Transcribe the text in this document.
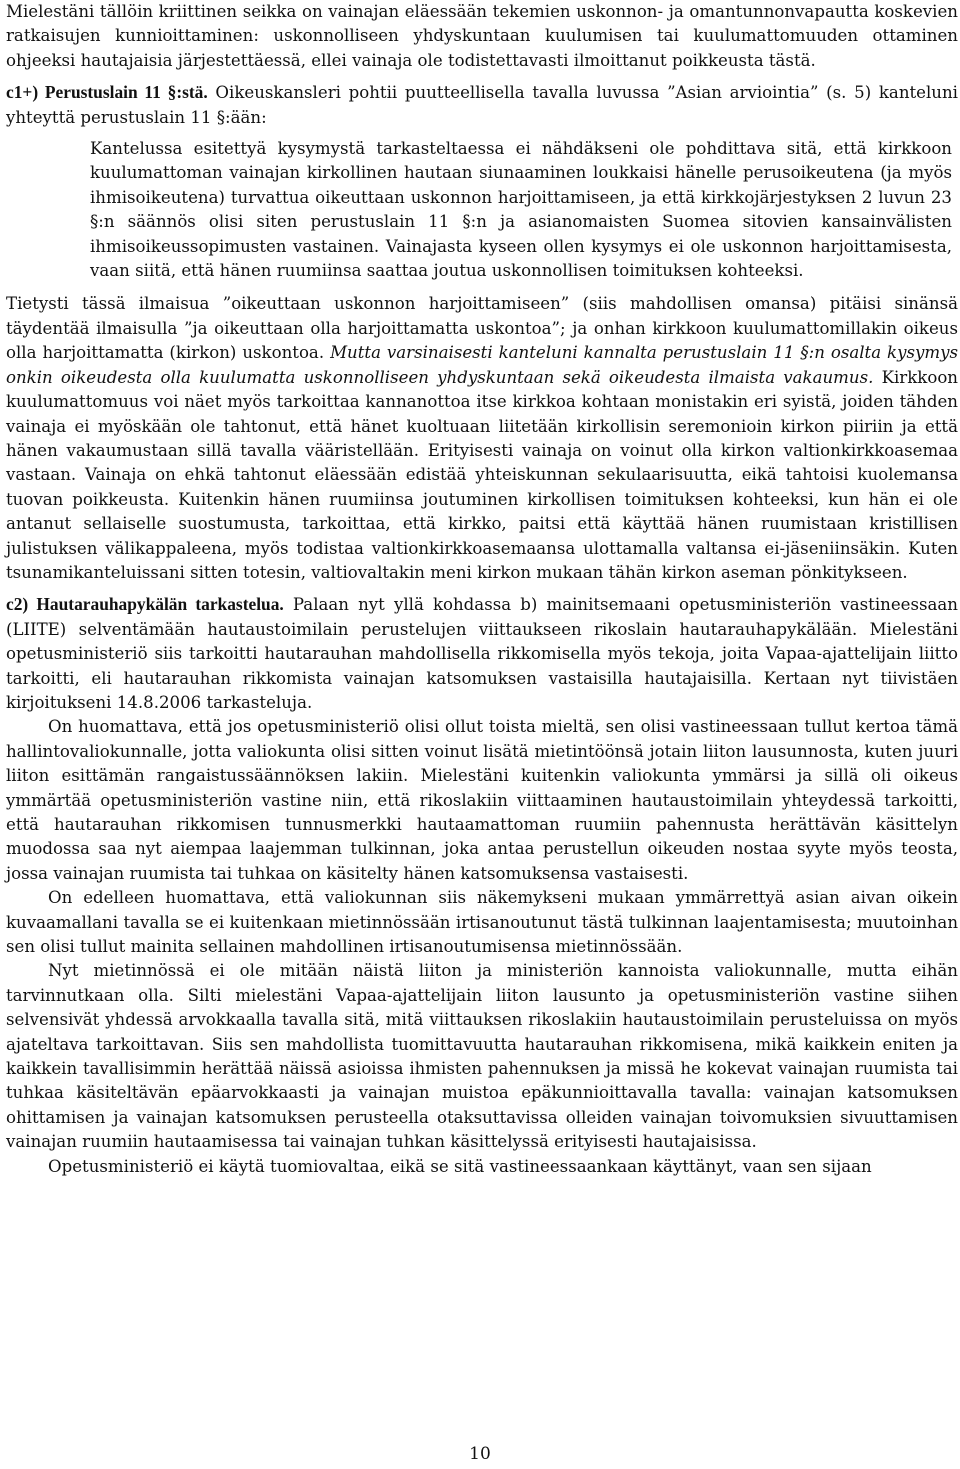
Mielestäni tällöin kriittinen seikka on vainajan eläessään tekemien uskonnon- ja omantunnonvapautta koskevien ratkaisujen kunnioittaminen: uskonnolliseen yhdyskuntaan kuulumisen tai kuulumattomuuden ottaminen ohjeeksi hautajaisia järjestettäessä, ellei vainaja ole todistettavasti ilmoittanut poikkeusta tästä.

c1+) Perustuslain 11 §:stä. Oikeuskansleri pohtii puutteellisella tavalla luvussa ”Asian arviointia” (s. 5) kanteluni yhteyttä perustuslain 11 §:ään:

Kantelussa esitettyä kysymystä tarkasteltaessa ei nähdäkseni ole pohdittava sitä, että kirkkoon kuulumattoman vainajan kirkollinen hautaan siunaaminen loukkaisi hänelle perusoikeutena (ja myös ihmisoikeutena) turvattua oikeuttaan uskonnon harjoittamiseen, ja että kirkkojärjestyksen 2 luvun 23 §:n säännös olisi siten perustuslain 11 §:n ja asianomaisten Suomea sitovien kansainvälisten ihmisoikeussopimusten vastainen. Vainajasta kyseen ollen kysymys ei ole uskonnon harjoittamisesta, vaan siitä, että hänen ruumiinsa saattaa joutua uskonnollisen toimituksen kohteeksi.

Tietysti tässä ilmaisua ”oikeuttaan uskonnon harjoittamiseen” (siis mahdollisen omansa) pitäisi sinänsä täydentää ilmaisulla ”ja oikeuttaan olla harjoittamatta uskontoa”; ja onhan kirkkoon kuulumattomillakin oikeus olla harjoittamatta (kirkon) uskontoa. Mutta varsinaisesti kanteluni kannalta perustuslain 11 §:n osalta kysymys onkin oikeudesta olla kuulumatta uskonnolliseen yhdyskuntaan sekä oikeudesta ilmaista vakaumus. Kirkkoon kuulumattomuus voi näet myös tarkoittaa kannanottoa itse kirkkoa kohtaan monistakin eri syistä, joiden tähden vainaja ei myöskään ole tahtonut, että hänet kuoltuaan liitetään kirkollisin seremonioin kirkon piiriin ja että hänen vakaumustaan sillä tavalla vääristellään. Erityisesti vainaja on voinut olla kirkon valtionkirkkoasemaa vastaan. Vainaja on ehkä tahtonut eläessään edistää yhteiskunnan sekulaarisuutta, eikä tahtoisi kuolemansa tuovan poikkeusta. Kuitenkin hänen ruumiinsa joutuminen kirkollisen toimituksen kohteeksi, kun hän ei ole antanut sellaiselle suostumusta, tarkoittaa, että kirkko, paitsi että käyttää hänen ruumistaan kristillisen julistuksen välikappaleena, myös todistaa valtionkirkkoasemaansa ulottamalla valtansa ei-jäseniinsäkin. Kuten tsunamikanteluissani sitten totesin, valtiovaltakin meni kirkon mukaan tähän kirkon aseman pönkitykseen.

c2) Hautarauhapykälän tarkastelua. Palaan nyt yllä kohdassa b) mainitsemaani opetusministeriön vastineessaan (LIITE) selventämään hautaustoimilain perustelujen viittaukseen rikoslain hautarauhapykälään. Mielestäni opetusministeriö siis tarkoitti hautarauhan mahdollisella rikkomisella myös tekoja, joita Vapaa-ajattelijain liitto tarkoitti, eli hautarauhan rikkomista vainajan katsomuksen vastaisilla hautajaisilla. Kertaan nyt tiivistäen kirjoitukseni 14.8.2006 tarkasteluja.

On huomattava, että jos opetusministeriö olisi ollut toista mieltä, sen olisi vastineessaan tullut kertoa tämä hallintovaliokunnalle, jotta valiokunta olisi sitten voinut lisätä mietintöönsä jotain liiton lausunnosta, kuten juuri liiton esittämän rangaistussäännöksen lakiin. Mielestäni kuitenkin valiokunta ymmärsi ja sillä oli oikeus ymmärtää opetusministeriön vastine niin, että rikoslakiin viittaaminen hautaustoimilain yhteydessä tarkoitti, että hautarauhan rikkomisen tunnusmerkki hautaamattoman ruumiin pahennusta herättävän käsittelyn muodossa saa nyt aiempaa laajemman tulkinnan, joka antaa perustellun oikeuden nostaa syyte myös teosta, jossa vainajan ruumista tai tuhkaa on käsitelty hänen katsomuksensa vastaisesti.

On edelleen huomattava, että valiokunnan siis näkemykseni mukaan ymmärrettyä asian aivan oikein kuvaamallani tavalla se ei kuitenkaan mietinnössään irtisanoutunut tästä tulkinnan laajentamisesta; muutoinhan sen olisi tullut mainita sellainen mahdollinen irtisanoutumisensa mietinnössään.

Nyt mietinnössä ei ole mitään näistä liiton ja ministeriön kannoista valiokunnalle, mutta eihän tarvinnutkaan olla. Silti mielestäni Vapaa-ajattelijain liiton lausunto ja opetusministeriön vastine siihen selvensivät yhdessä arvokkaalla tavalla sitä, mitä viittauksen rikoslakiin hautaustoimilain perusteluissa on myös ajateltava tarkoittavan. Siis sen mahdollista tuomittavuutta hautarauhan rikkomisena, mikä kaikkein eniten ja kaikkein tavallisimmin herättää näissä asioissa ihmisten pahennuksen ja missä he kokevat vainajan ruumista tai tuhkaa käsiteltävän epäarvokkaasti ja vainajan muistoa epäkunnioittavalla tavalla: vainajan katsomuksen ohittamisen ja vainajan katsomuksen perusteella otaksuttavissa olleiden vainajan toivomuksien sivuuttamisen vainajan ruumiin hautaamisessa tai vainajan tuhkan käsittelyssä erityisesti hautajaisissa.

Opetusministeriö ei käytä tuomiovaltaa, eikä se sitä vastineessaankaan käyttänyt, vaan sen sijaan

10
